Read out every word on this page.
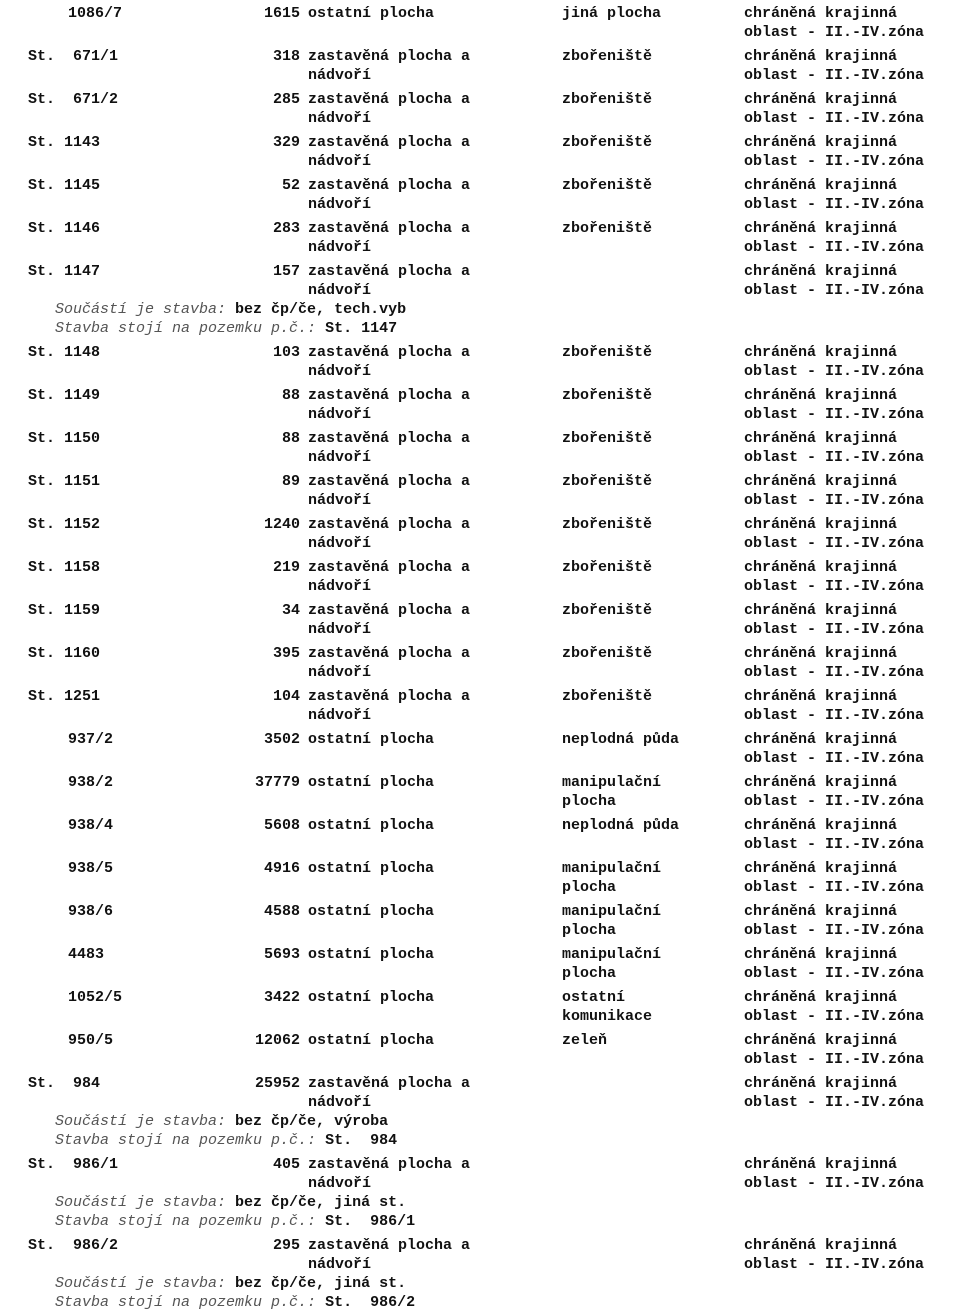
1086/7	1615 ostatní plocha	jiná plocha	chráněná krajinná
oblast - II.-IV.zóna
St.  671/1	318 zastavěná plocha a
nádvoří
zbořeniště	chráněná krajinná
oblast - II.-IV.zóna
St.  671/2	285 zastavěná plocha a
nádvoří
zbořeniště	chráněná krajinná
oblast - II.-IV.zóna
St. 1143	329 zastavěná plocha a
nádvoří
zbořeniště	chráněná krajinná
oblast - II.-IV.zóna
St. 1145	52 zastavěná plocha a
nádvoří
zbořeniště	chráněná krajinná
oblast - II.-IV.zóna
St. 1146	283 zastavěná plocha a
nádvoří
zbořeniště	chráněná krajinná
oblast - II.-IV.zóna
St. 1147	157 zastavěná plocha a
nádvoří
chráněná krajinná
oblast - II.-IV.zóna
Součástí je stavba: bez čp/če, tech.vyb
Stavba stojí na pozemku p.č.: St. 1147
St. 1148	103 zastavěná plocha a
nádvoří
zbořeniště	chráněná krajinná
oblast - II.-IV.zóna
St. 1149	88 zastavěná plocha a
nádvoří
zbořeniště	chráněná krajinná
oblast - II.-IV.zóna
St. 1150	88 zastavěná plocha a
nádvoří
zbořeniště	chráněná krajinná
oblast - II.-IV.zóna
St. 1151	89 zastavěná plocha a
nádvoří
zbořeniště	chráněná krajinná
oblast - II.-IV.zóna
St. 1152	1240 zastavěná plocha a
nádvoří
zbořeniště	chráněná krajinná
oblast - II.-IV.zóna
St. 1158	219 zastavěná plocha a
nádvoří
zbořeniště	chráněná krajinná
oblast - II.-IV.zóna
St. 1159	34 zastavěná plocha a
nádvoří
zbořeniště	chráněná krajinná
oblast - II.-IV.zóna
St. 1160	395 zastavěná plocha a
nádvoří
zbořeniště	chráněná krajinná
oblast - II.-IV.zóna
St. 1251	104 zastavěná plocha a
nádvoří
zbořeniště	chráněná krajinná
oblast - II.-IV.zóna
937/2	3502 ostatní plocha	neplodná půda	chráněná krajinná
oblast - II.-IV.zóna
938/2	37779 ostatní plocha	manipulační
plocha
chráněná krajinná
oblast - II.-IV.zóna
938/4	5608 ostatní plocha	neplodná půda	chráněná krajinná
oblast - II.-IV.zóna
938/5	4916 ostatní plocha	manipulační
plocha
chráněná krajinná
oblast - II.-IV.zóna
938/6	4588 ostatní plocha	manipulační
plocha
chráněná krajinná
oblast - II.-IV.zóna
4483	5693 ostatní plocha	manipulační
plocha
chráněná krajinná
oblast - II.-IV.zóna
1052/5	3422 ostatní plocha	ostatní
komunikace
chráněná krajinná
oblast - II.-IV.zóna
950/5	12062 ostatní plocha	zeleň	chráněná krajinná
oblast - II.-IV.zóna
St.  984	25952 zastavěná plocha a
nádvoří
chráněná krajinná
oblast - II.-IV.zóna
Součástí je stavba: bez čp/če, výroba
Stavba stojí na pozemku p.č.: St.  984
St.  986/1	405 zastavěná plocha a
nádvoří
chráněná krajinná
oblast - II.-IV.zóna
Součástí je stavba: bez čp/če, jiná st.
Stavba stojí na pozemku p.č.: St.  986/1
St.  986/2	295 zastavěná plocha a
nádvoří
chráněná krajinná
oblast - II.-IV.zóna
Součástí je stavba: bez čp/če, jiná st.
Stavba stojí na pozemku p.č.: St.  986/2
